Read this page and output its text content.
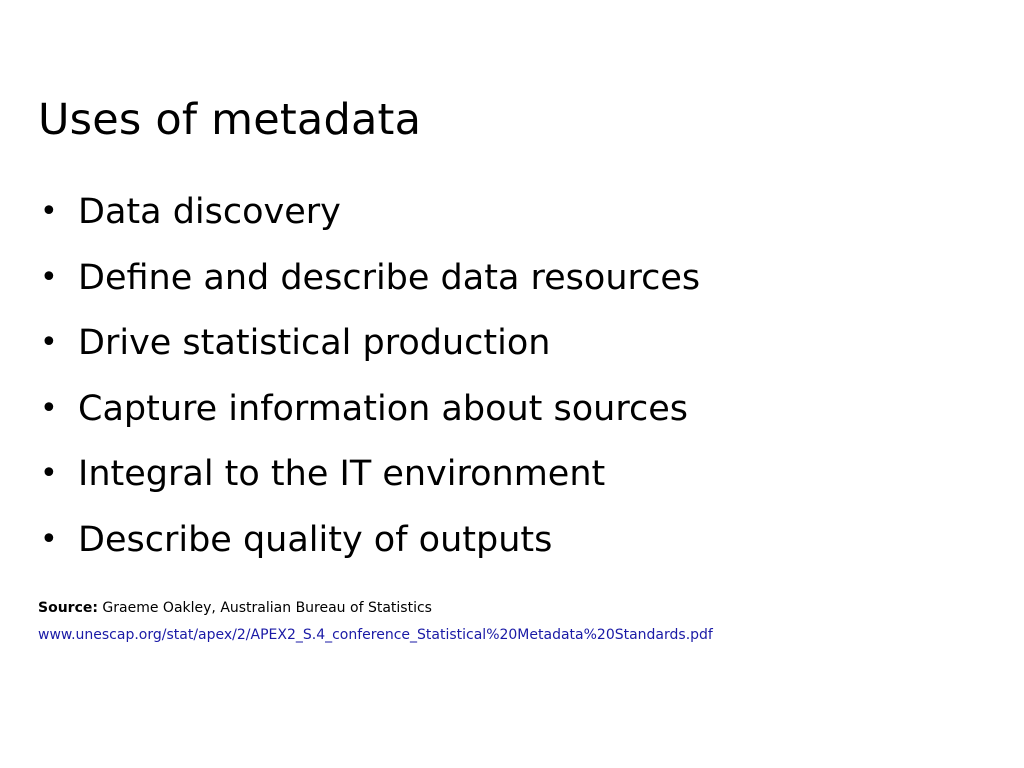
Uses of metadata
• Data discovery
• Define and describe data resources
• Drive statistical production
• Capture information about sources
• Integral to the IT environment
• Describe quality of outputs
Source: Graeme Oakley, Australian Bureau of Statistics
www.unescap.org/stat/apex/2/APEX2_S.4_conference_Statistical%20Metadata%20Standards.pdf
